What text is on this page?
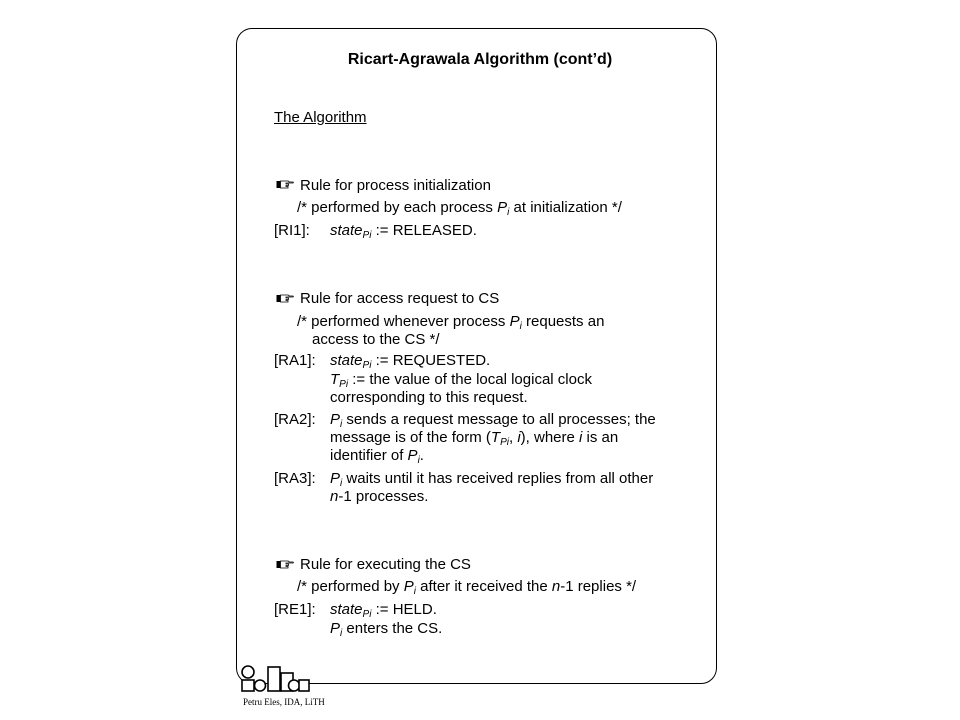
Ricart-Agrawala Algorithm (cont’d)
The Algorithm
Rule for process initialization
/* performed by each process $P_i$ at initialization */
[RI1]: state$_{Pi}$ := RELEASED.
Rule for access request to CS
/* performed whenever process $P_i$ requests an
access to the CS */
[RA1]: state$_{Pi}$ := REQUESTED.
$T_{Pi}$ := the value of the local logical clock
corresponding to this request.
[RA2]: $P_i$ sends a request message to all processes; the
message is of the form ($T_{Pi}$, i), where i is an
identifier of $P_i$.
[RA3]: $P_i$ waits until it has received replies from all other
n-1 processes.
Rule for executing the CS
/* performed by $P_i$ after it received the n-1 replies */
[RE1]: state$_{Pi}$ := HELD.
$P_i$ enters the CS.
Petru Eles, IDA, LiTH
